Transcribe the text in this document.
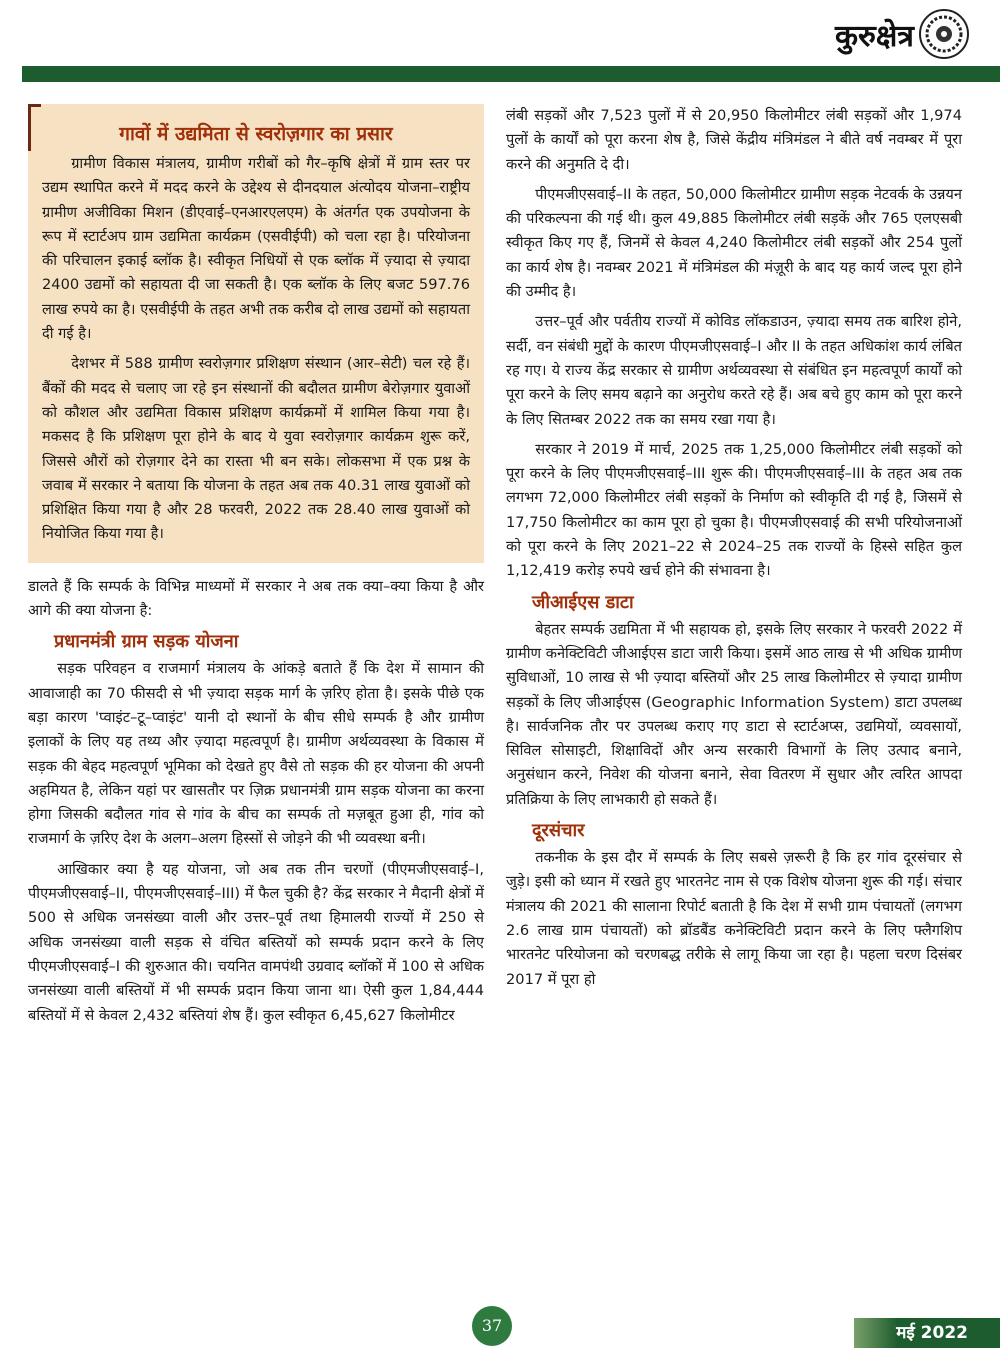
कुरुक्षेत्र
गावों में उद्यमिता से स्वरोज़गार का प्रसार

ग्रामीण विकास मंत्रालय, ग्रामीण गरीबों को गैर–कृषि क्षेत्रों में ग्राम स्तर पर उद्यम स्थापित करने में मदद करने के उद्देश्य से दीनदयाल अंत्योदय योजना–राष्ट्रीय ग्रामीण अजीविका मिशन (डीएवाई–एनआरएलएम) के अंतर्गत एक उपयोजना के रूप में स्टार्टअप ग्राम उद्यमिता कार्यक्रम (एसवीईपी) को चला रहा है। परियोजना की परिचालन इकाई ब्लॉक है। स्वीकृत निधियों से एक ब्लॉक में ज़्यादा से ज़्यादा 2400 उद्यमों को सहायता दी जा सकती है। एक ब्लॉक के लिए बजट 597.76 लाख रुपये का है। एसवीईपी के तहत अभी तक करीब दो लाख उद्यमों को सहायता दी गई है।

देशभर में 588 ग्रामीण स्वरोज़गार प्रशिक्षण संस्थान (आर–सेटी) चल रहे हैं। बैंकों की मदद से चलाए जा रहे इन संस्थानों की बदौलत ग्रामीण बेरोज़गार युवाओं को कौशल और उद्यमिता विकास प्रशिक्षण कार्यक्रमों में शामिल किया गया है। मकसद है कि प्रशिक्षण पूरा होने के बाद ये युवा स्वरोज़गार कार्यक्रम शुरू करें, जिससे औरों को रोज़गार देने का रास्ता भी बन सके। लोकसभा में एक प्रश्न के जवाब में सरकार ने बताया कि योजना के तहत अब तक 40.31 लाख युवाओं को प्रशिक्षित किया गया है और 28 फरवरी, 2022 तक 28.40 लाख युवाओं को नियोजित किया गया है।

डालते हैं कि सम्पर्क के विभिन्न माध्यमों में सरकार ने अब तक क्या–क्या किया है और आगे की क्या योजना है:

प्रधानमंत्री ग्राम सड़क योजना

सड़क परिवहन व राजमार्ग मंत्रालय के आंकड़े बताते हैं कि देश में सामान की आवाजाही का 70 फीसदी से भी ज़्यादा सड़क मार्ग के ज़रिए होता है। इसके पीछे एक बड़ा कारण 'प्वाइंट–टू–प्वाइंट' यानी दो स्थानों के बीच सीधे सम्पर्क है और ग्रामीण इलाकों के लिए यह तथ्य और ज़्यादा महत्वपूर्ण है। ग्रामीण अर्थव्यवस्था के विकास में सड़क की बेहद महत्वपूर्ण भूमिका को देखते हुए वैसे तो सड़क की हर योजना की अपनी अहमियत है, लेकिन यहां पर खासतौर पर ज़िक्र प्रधानमंत्री ग्राम सड़क योजना का करना होगा जिसकी बदौलत गांव से गांव के बीच का सम्पर्क तो मज़बूत हुआ ही, गांव को राजमार्ग के ज़रिए देश के अलग–अलग हिस्सों से जोड़ने की भी व्यवस्था बनी।

आखिकार क्या है यह योजना, जो अब तक तीन चरणों (पीएमजीएसवाई–I, पीएमजीएसवाई–II, पीएमजीएसवाई–III) में फैल चुकी है? केंद्र सरकार ने मैदानी क्षेत्रों में 500 से अधिक जनसंख्या वाली और उत्तर–पूर्व तथा हिमालयी राज्यों में 250 से अधिक जनसंख्या वाली सड़क से वंचित बस्तियों को सम्पर्क प्रदान करने के लिए पीएमजीएसवाई–I की शुरुआत की। चयनित वामपंथी उग्रवाद ब्लॉकों में 100 से अधिक जनसंख्या वाली बस्तियों में भी सम्पर्क प्रदान किया जाना था। ऐसी कुल 1,84,444 बस्तियों में से केवल 2,432 बस्तियां शेष हैं। कुल स्वीकृत 6,45,627 किलोमीटर

लंबी सड़कों और 7,523 पुलों में से 20,950 किलोमीटर लंबी सड़कों और 1,974 पुलों के कार्यों को पूरा करना शेष है, जिसे केंद्रीय मंत्रिमंडल ने बीते वर्ष नवम्बर में पूरा करने की अनुमति दे दी।

पीएमजीएसवाई–II के तहत, 50,000 किलोमीटर ग्रामीण सड़क नेटवर्क के उन्नयन की परिकल्पना की गई थी। कुल 49,885 किलोमीटर लंबी सड़कें और 765 एलएसबी स्वीकृत किए गए हैं, जिनमें से केवल 4,240 किलोमीटर लंबी सड़कों और 254 पुलों का कार्य शेष है। नवम्बर 2021 में मंत्रिमंडल की मंज़ूरी के बाद यह कार्य जल्द पूरा होने की उम्मीद है।

उत्तर–पूर्व और पर्वतीय राज्यों में कोविड लॉकडाउन, ज़्यादा समय तक बारिश होने, सर्दी, वन संबंधी मुद्दों के कारण पीएमजीएसवाई–I और II के तहत अधिकांश कार्य लंबित रह गए। ये राज्य केंद्र सरकार से ग्रामीण अर्थव्यवस्था से संबंधित इन महत्वपूर्ण कार्यों को पूरा करने के लिए समय बढ़ाने का अनुरोध करते रहे हैं। अब बचे हुए काम को पूरा करने के लिए सितम्बर 2022 तक का समय रखा गया है।

सरकार ने 2019 में मार्च, 2025 तक 1,25,000 किलोमीटर लंबी सड़कों को पूरा करने के लिए पीएमजीएसवाई–III शुरू की। पीएमजीएसवाई–III के तहत अब तक लगभग 72,000 किलोमीटर लंबी सड़कों के निर्माण को स्वीकृति दी गई है, जिसमें से 17,750 किलोमीटर का काम पूरा हो चुका है। पीएमजीएसवाई की सभी परियोजनाओं को पूरा करने के लिए 2021–22 से 2024–25 तक राज्यों के हिस्से सहित कुल 1,12,419 करोड़ रुपये खर्च होने की संभावना है।

जीआईएस डाटा

बेहतर सम्पर्क उद्यमिता में भी सहायक हो, इसके लिए सरकार ने फरवरी 2022 में ग्रामीण कनेक्टिविटी जीआईएस डाटा जारी किया। इसमें आठ लाख से भी अधिक ग्रामीण सुविधाओं, 10 लाख से भी ज़्यादा बस्तियों और 25 लाख किलोमीटर से ज़्यादा ग्रामीण सड़कों के लिए जीआईएस (Geographic Information System) डाटा उपलब्ध है। सार्वजनिक तौर पर उपलब्ध कराए गए डाटा से स्टार्टअप्स, उद्यमियों, व्यवसायों, सिविल सोसाइटी, शिक्षाविदों और अन्य सरकारी विभागों के लिए उत्पाद बनाने, अनुसंधान करने, निवेश की योजना बनाने, सेवा वितरण में सुधार और त्वरित आपदा प्रतिक्रिया के लिए लाभकारी हो सकते हैं।

दूरसंचार

तकनीक के इस दौर में सम्पर्क के लिए सबसे ज़रूरी है कि हर गांव दूरसंचार से जुड़े। इसी को ध्यान में रखते हुए भारतनेट नाम से एक विशेष योजना शुरू की गई। संचार मंत्रालय की 2021 की सालाना रिपोर्ट बताती है कि देश में सभी ग्राम पंचायतों (लगभग 2.6 लाख ग्राम पंचायतों) को ब्रॉडबैंड कनेक्टिविटी प्रदान करने के लिए फ्लैगशिप भारतनेट परियोजना को चरणबद्ध तरीके से लागू किया जा रहा है। पहला चरण दिसंबर 2017 में पूरा हो

37	मई 2022
